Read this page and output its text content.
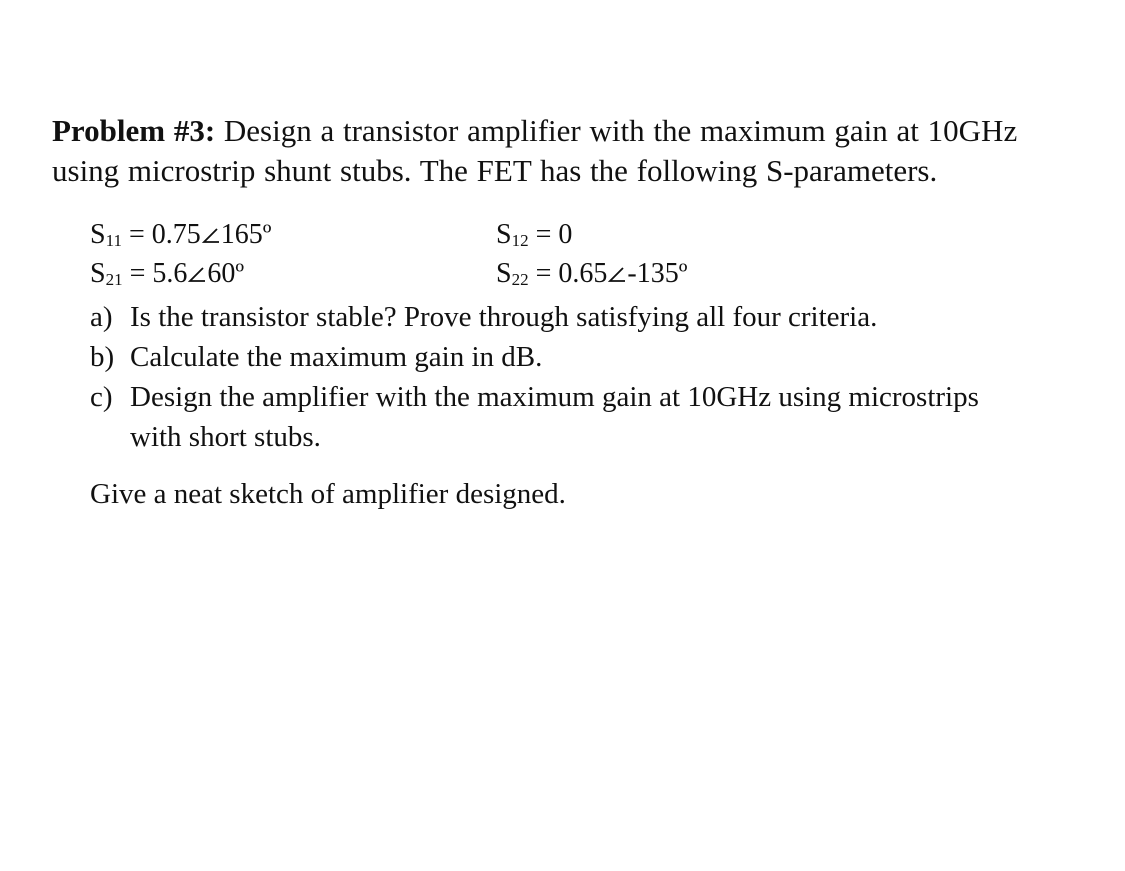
Problem #3: Design a transistor amplifier with the maximum gain at 10GHz
using microstrip shunt stubs. The FET has the following S-parameters.
S11 = 0.75 165º	S12 = 0
S21 = 5.6 60º	S22 = 0.65 -135º
a) Is the transistor stable? Prove through satisfying all four criteria.
b) Calculate the maximum gain in dB.
c) Design the amplifier with the maximum gain at 10GHz using microstrips
with short stubs.
Give a neat sketch of amplifier designed.
